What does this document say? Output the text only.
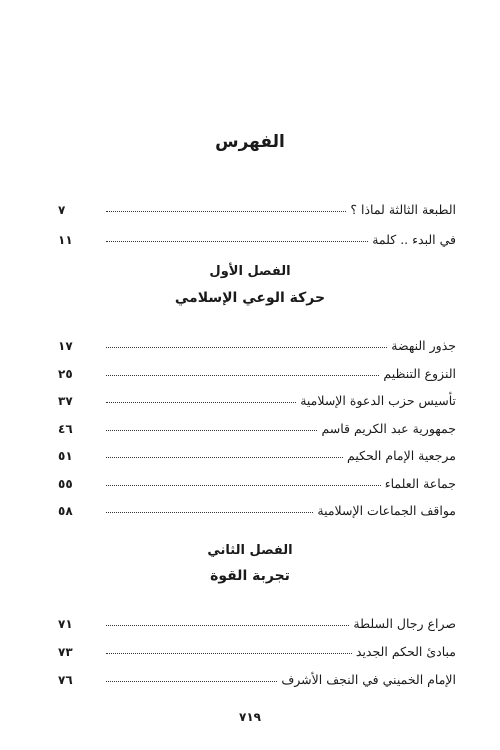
الفهرس
الطبعة الثالثة لماذا ؟
٧
في البدء .. كلمة
١١
الفصل الأول
حركة الوعي الإسلامي
جذور النهضة
١٧
النزوع التنظيم
٢٥
تأسيس حزب الدعوة الإسلامية
٣٧
جمهورية عبد الكريم قاسم
٤٦
مرجعية الإمام الحكيم
٥١
جماعة العلماء
٥٥
مواقف الجماعات الإسلامية
٥٨
الفصل الثاني
تجربة القوة
صراع رجال السلطة
٧١
مبادئ الحكم الجديد
٧٣
الإمام الخميني في النجف الأشرف
٧٦
٧١٩
